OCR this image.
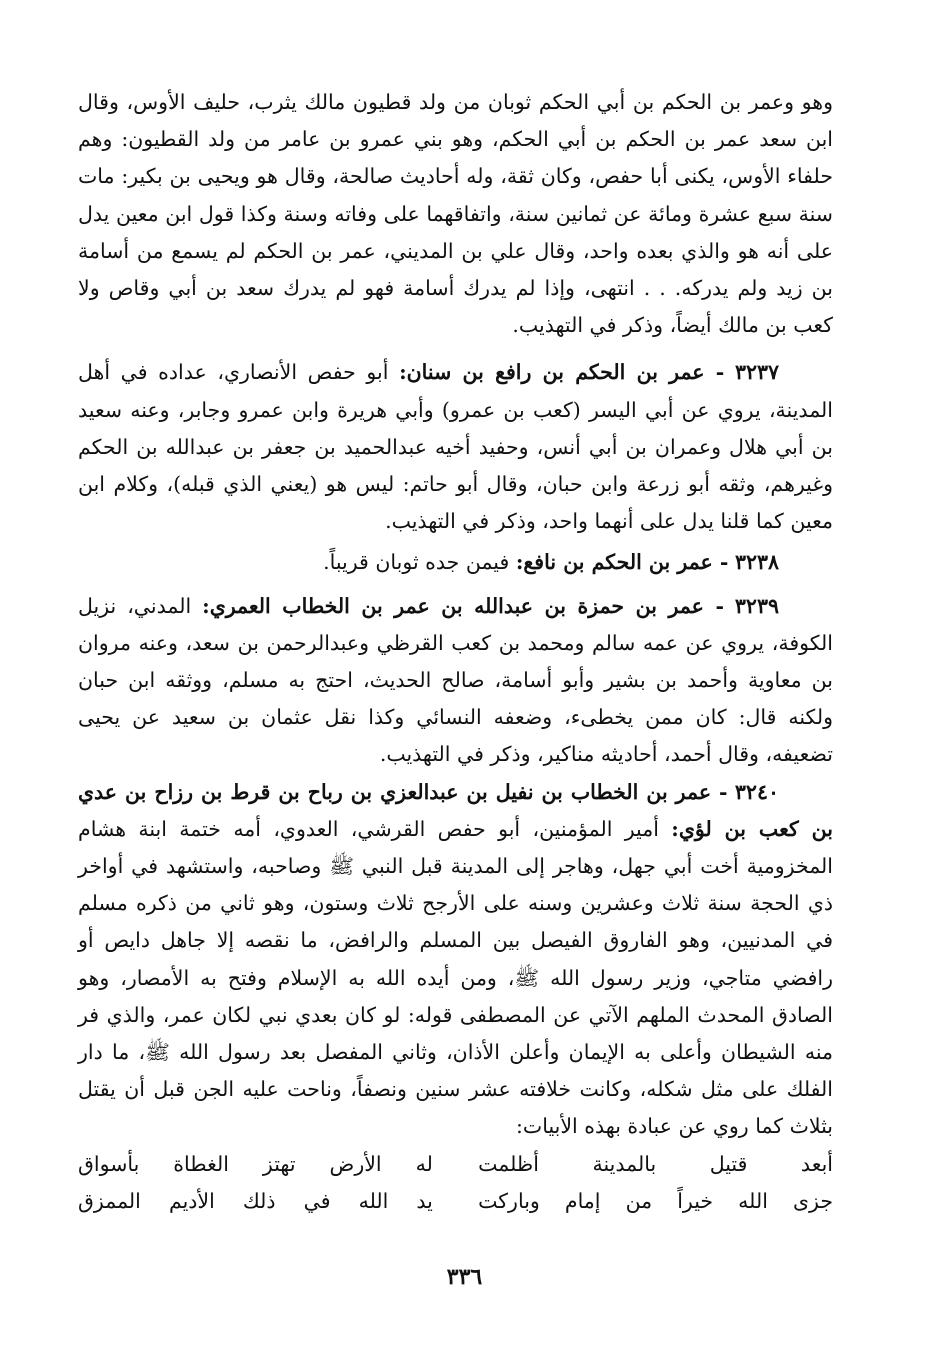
وهو وعمر بن الحكم بن أبي الحكم ثوبان من ولد قطيون مالك يثرب، حليف الأوس، وقال ابن سعد عمر بن الحكم بن أبي الحكم، وهو بني عمرو بن عامر من ولد القطيون: وهم حلفاء الأوس، يكنى أبا حفص، وكان ثقة، وله أحاديث صالحة، وقال هو ويحيى بن بكير: مات سنة سبع عشرة ومائة عن ثمانين سنة، واتفاقهما على وفاته وسنة وكذا قول ابن معين يدل على أنه هو والذي بعده واحد، وقال علي بن المديني، عمر بن الحكم لم يسمع من أسامة بن زيد ولم يدركه. . . انتهى، وإذا لم يدرك أسامة فهو لم يدرك سعد بن أبي وقاص ولا كعب بن مالك أيضاً، وذكر في التهذيب.

٣٢٣٧ - عمر بن الحكم بن رافع بن سنان: أبو حفص الأنصاري، عداده في أهل المدينة، يروي عن أبي اليسر (كعب بن عمرو) وأبي هريرة وابن عمرو وجابر، وعنه سعيد بن أبي هلال وعمران بن أبي أنس، وحفيد أخيه عبدالحميد بن جعفر بن عبدالله بن الحكم وغيرهم، وثقه أبو زرعة وابن حبان، وقال أبو حاتم: ليس هو (يعني الذي قبله)، وكلام ابن معين كما قلنا يدل على أنهما واحد، وذكر في التهذيب.

٣٢٣٨ - عمر بن الحكم بن نافع: فيمن جده ثوبان قريباً.

٣٢٣٩ - عمر بن حمزة بن عبدالله بن عمر بن الخطاب العمري: المدني، نزيل الكوفة، يروي عن عمه سالم ومحمد بن كعب القرظي وعبدالرحمن بن سعد، وعنه مروان بن معاوية وأحمد بن بشير وأبو أسامة، صالح الحديث، احتج به مسلم، ووثقه ابن حبان ولكنه قال: كان ممن يخطىء، وضعفه النسائي وكذا نقل عثمان بن سعيد عن يحيى تضعيفه، وقال أحمد، أحاديثه مناكير، وذكر في التهذيب.

٣٢٤٠ - عمر بن الخطاب بن نفيل بن عبدالعزي بن رباح بن قرط بن رزاح بن عدي بن كعب بن لؤي: أمير المؤمنين، أبو حفص القرشي، العدوي، أمه ختمة ابنة هشام المخزومية أخت أبي جهل، وهاجر إلى المدينة قبل النبي ﷺ وصاحبه، واستشهد في أواخر ذي الحجة سنة ثلاث وعشرين وسنه على الأرجح ثلاث وستون، وهو ثاني من ذكره مسلم في المدنيين، وهو الفاروق الفيصل بين المسلم والرافض، ما نقصه إلا جاهل دايص أو رافضي متاجي، وزير رسول الله ﷺ، ومن أيده الله به الإسلام وفتح به الأمصار، وهو الصادق المحدث الملهم الآتي عن المصطفى قوله: لو كان بعدي نبي لكان عمر، والذي فر منه الشيطان وأعلى به الإيمان وأعلن الأذان، وثاني المفصل بعد رسول الله ﷺ، ما دار الفلك على مثل شكله، وكانت خلافته عشر سنين ونصفاً، وناحت عليه الجن قبل أن يقتل بثلاث كما روي عن عبادة بهذه الأبيات:

أبعد قتيل بالمدينة أظلمت
له الأرض تهتز الغطاة بأسواق
جزى الله خيراً من إمام وباركت
يد الله في ذلك الأديم الممزق
٣٣٦
